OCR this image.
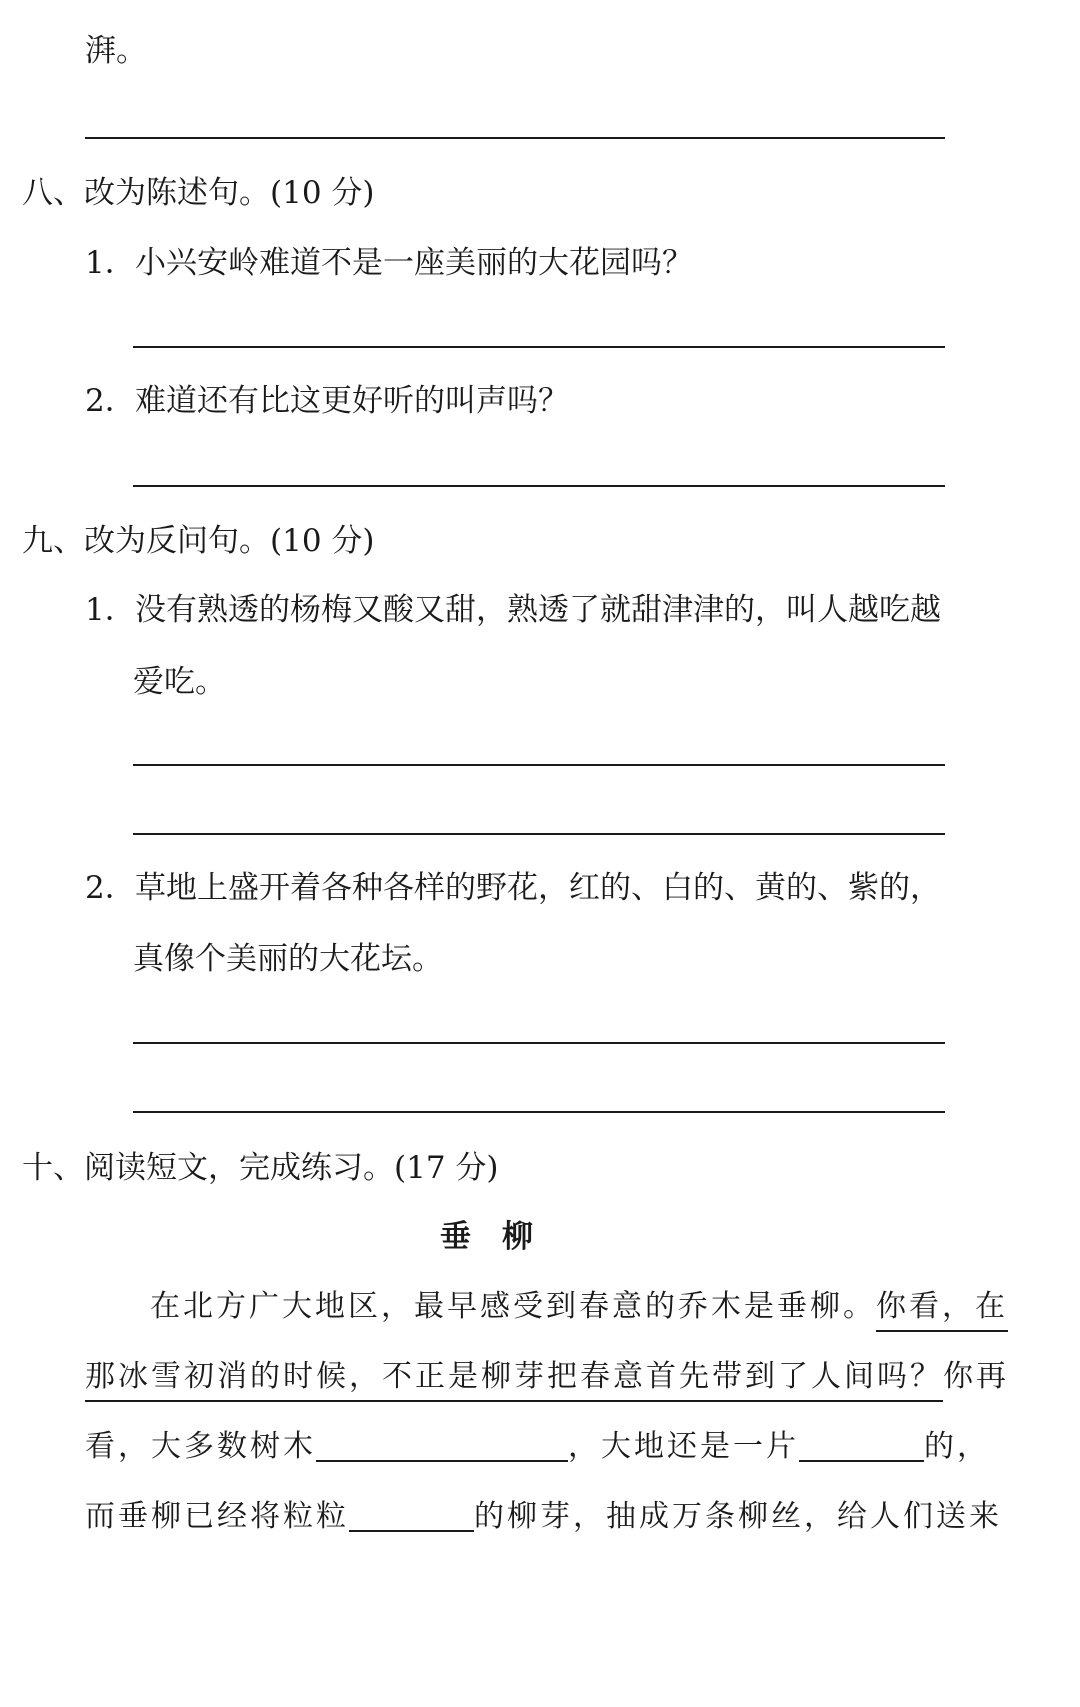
湃。
八、改为陈述句。(10 分)
1．小兴安岭难道不是一座美丽的大花园吗？
2．难道还有比这更好听的叫声吗？
九、改为反问句。(10 分)
1．没有熟透的杨梅又酸又甜，熟透了就甜津津的，叫人越吃越
爱吃。
2．草地上盛开着各种各样的野花，红的、白的、黄的、紫的，
真像个美丽的大花坛。
十、阅读短文，完成练习。(17 分)
垂　柳
在北方广大地区，最早感受到春意的乔木是垂柳。你看，在
那冰雪初消的时候，不正是柳芽把春意首先带到了人间吗？你再
看，大多数树木	，大地还是一片	的，
而垂柳已经将粒粒	的柳芽，抽成万条柳丝，给人们送来
